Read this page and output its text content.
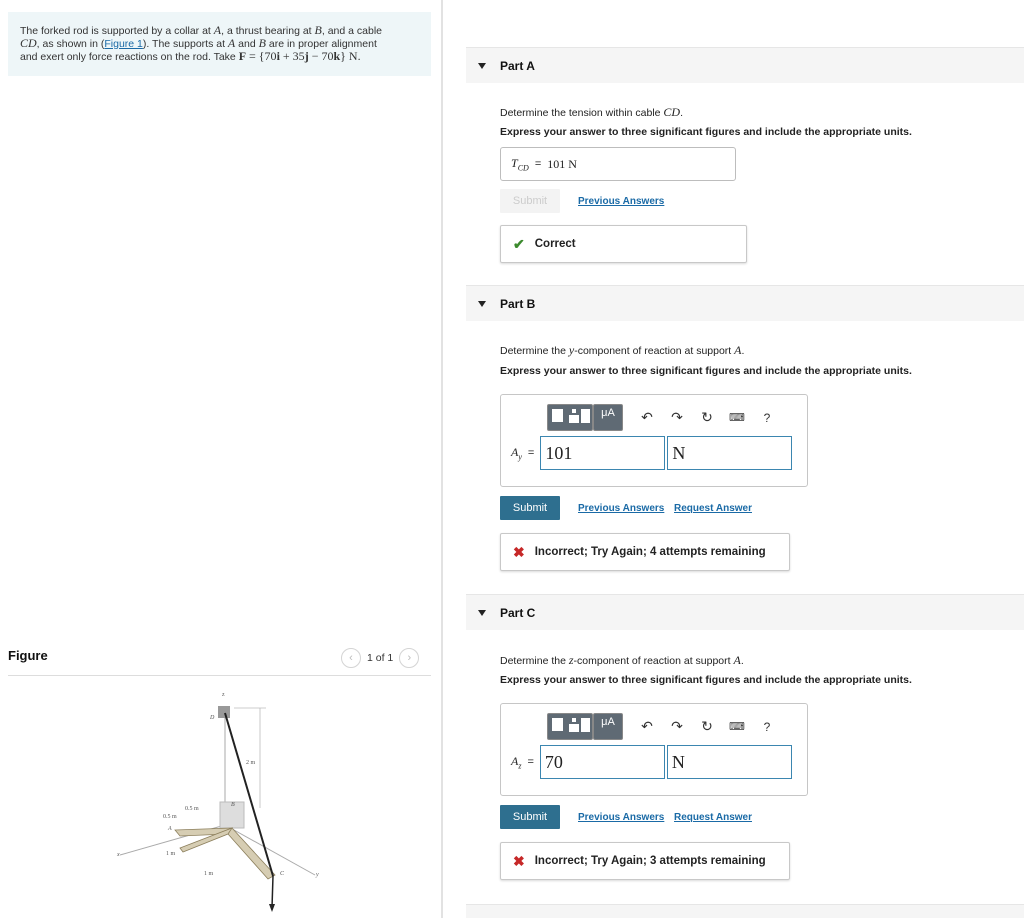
The forked rod is supported by a collar at A, a thrust bearing at B, and a cable
CD, as shown in (Figure 1). The supports at A and B are in proper alignment
and exert only force reactions on the rod. Take F = {70i + 35j − 70k} N.
Figure	‹	1 of 1	›
z
D
2 m
B
0.5 m
0.5 m
A
1 m
1 m
x
C	y
F
Part A
Determine the tension within cable CD.
Express your answer to three significant figures and include the appropriate units.
$T_{CD} = 101$ N
Submit	Previous Answers
✔ Correct
Part B
Determine the y-component of reaction at support A.
Express your answer to three significant figures and include the appropriate units.
μA	↶	↷	↻	⌨	?
$A_y = 101$	N
Submit	Previous Answers Request Answer
✖ Incorrect; Try Again; 4 attempts remaining
Part C
Determine the z-component of reaction at support A.
Express your answer to three significant figures and include the appropriate units.
μA	↶	↷	↻	⌨	?
$A_z = 70$	N
Submit	Previous Answers Request Answer
✖ Incorrect; Try Again; 3 attempts remaining
